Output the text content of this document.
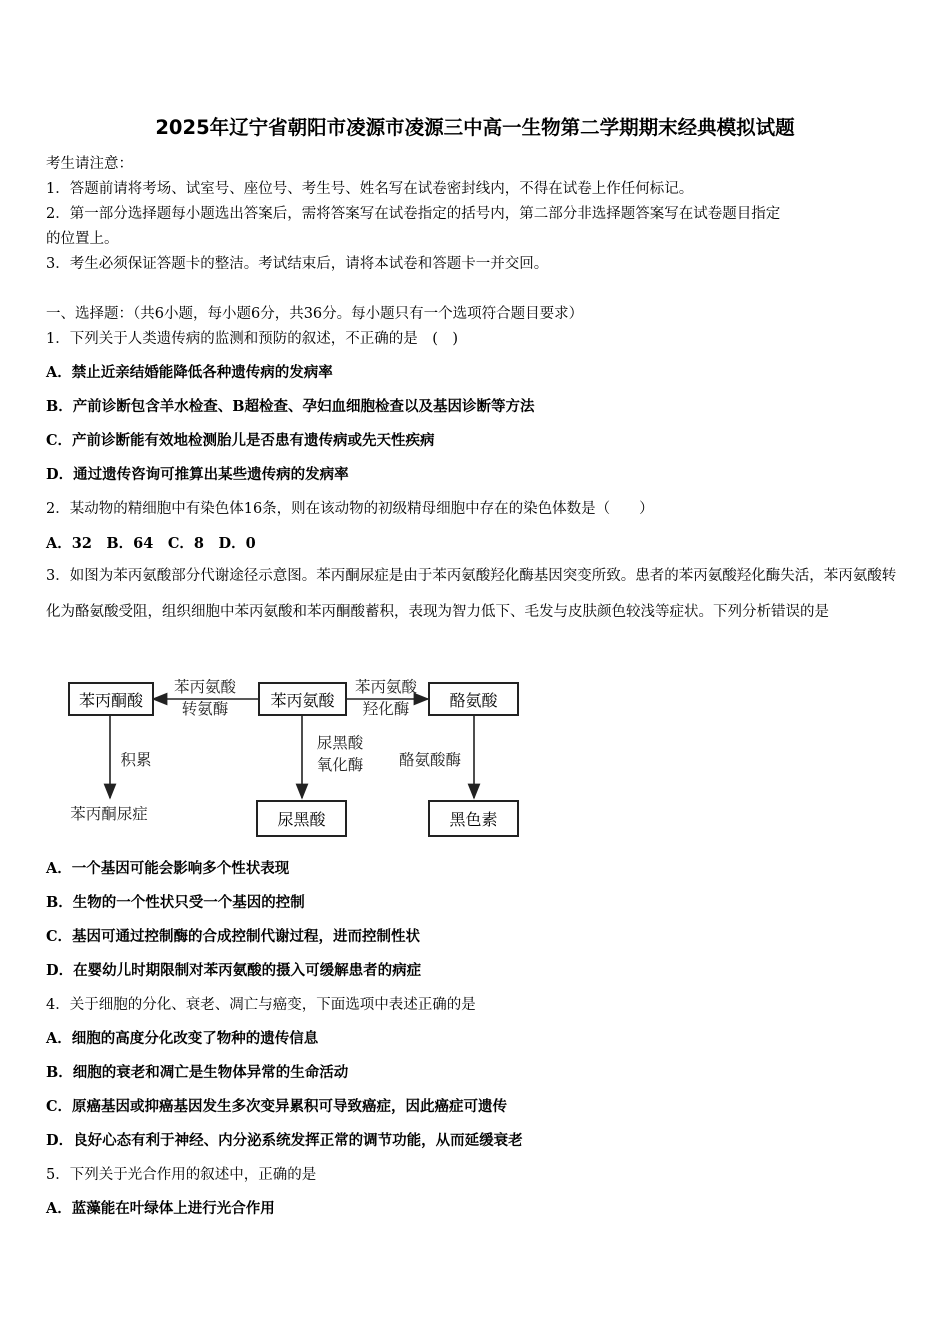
2025年辽宁省朝阳市凌源市凌源三中高一生物第二学期期末经典模拟试题
考生请注意：
1．答题前请将考场、试室号、座位号、考生号、姓名写在试卷密封线内，不得在试卷上作任何标记。
2．第一部分选择题每小题选出答案后，需将答案写在试卷指定的括号内，第二部分非选择题答案写在试卷题目指定
的位置上。
3．考生必须保证答题卡的整洁。考试结束后，请将本试卷和答题卡一并交回。
一、选择题：（共6小题，每小题6分，共36分。每小题只有一个选项符合题目要求）
1．下列关于人类遗传病的监测和预防的叙述，不正确的是　(　)
A．禁止近亲结婚能降低各种遗传病的发病率
B．产前诊断包含羊水检查、B超检查、孕妇血细胞检查以及基因诊断等方法
C．产前诊断能有效地检测胎儿是否患有遗传病或先天性疾病
D．通过遗传咨询可推算出某些遗传病的发病率
2．某动物的精细胞中有染色体16条，则在该动物的初级精母细胞中存在的染色体数是（　　）
A．32　B．64　C．8　D．0
3．如图为苯丙氨酸部分代谢途径示意图。苯丙酮尿症是由于苯丙氨酸羟化酶基因突变所致。患者的苯丙氨酸羟化酶失活，苯丙氨酸转化为酪氨酸受阻，组织细胞中苯丙氨酸和苯丙酮酸蓄积，表现为智力低下、毛发与皮肤颜色较浅等症状。下列分析错误的是
苯丙酮酸	苯丙氨酸	酪氨酸
尿黑酸	黑色素
苯丙氨酸
转氨酶
苯丙氨酸
羟化酶
尿黑酸
氧化酶	酪氨酸酶
积累
苯丙酮尿症
A．一个基因可能会影响多个性状表现
B．生物的一个性状只受一个基因的控制
C．基因可通过控制酶的合成控制代谢过程，进而控制性状
D．在婴幼儿时期限制对苯丙氨酸的摄入可缓解患者的病症
4．关于细胞的分化、衰老、凋亡与癌变，下面选项中表述正确的是
A．细胞的高度分化改变了物种的遗传信息
B．细胞的衰老和凋亡是生物体异常的生命活动
C．原癌基因或抑癌基因发生多次变异累积可导致癌症，因此癌症可遗传
D．良好心态有利于神经、内分泌系统发挥正常的调节功能，从而延缓衰老
5．下列关于光合作用的叙述中，正确的是
A．蓝藻能在叶绿体上进行光合作用
